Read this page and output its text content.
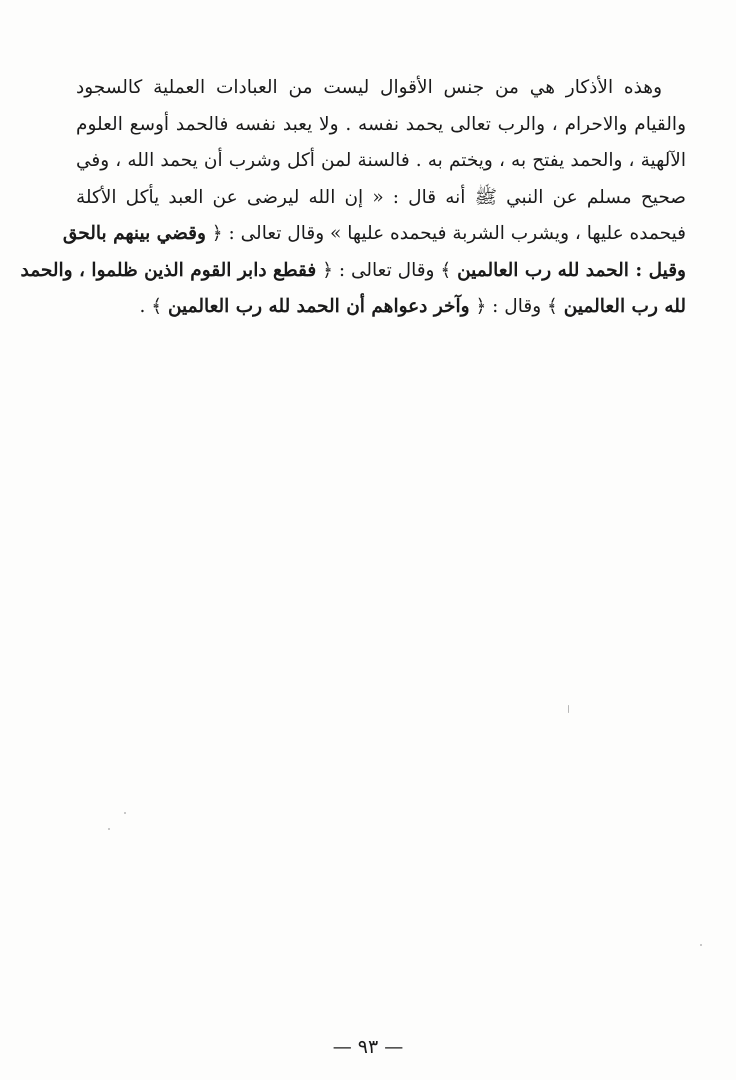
وهذه الأذكار هي من جنس الأقوال ليست من العبادات العملية كالسجود
والقيام والاحرام ، والرب تعالى يحمد نفسه . ولا يعبد نفسه فالحمد أوسع العلوم
الآلهية ، والحمد يفتح به ، ويختم به . فالسنة لمن أكل وشرب أن يحمد الله ، وفي
صحيح مسلم عن النبي ﷺ أنه قال : « إن الله ليرضى عن العبد يأكل الأكلة
فيحمده عليها ، ويشرب الشربة فيحمده عليها » وقال تعالى : ﴿ وقضي بينهم بالحق
وقيل : الحمد لله رب العالمين ﴾ وقال تعالى : ﴿ فقطع دابر القوم الذين ظلموا ، والحمد
لله رب العالمين ﴾ وقال : ﴿ وآخر دعواهم أن الحمد لله رب العالمين ﴾ .
— ٩٣ —
